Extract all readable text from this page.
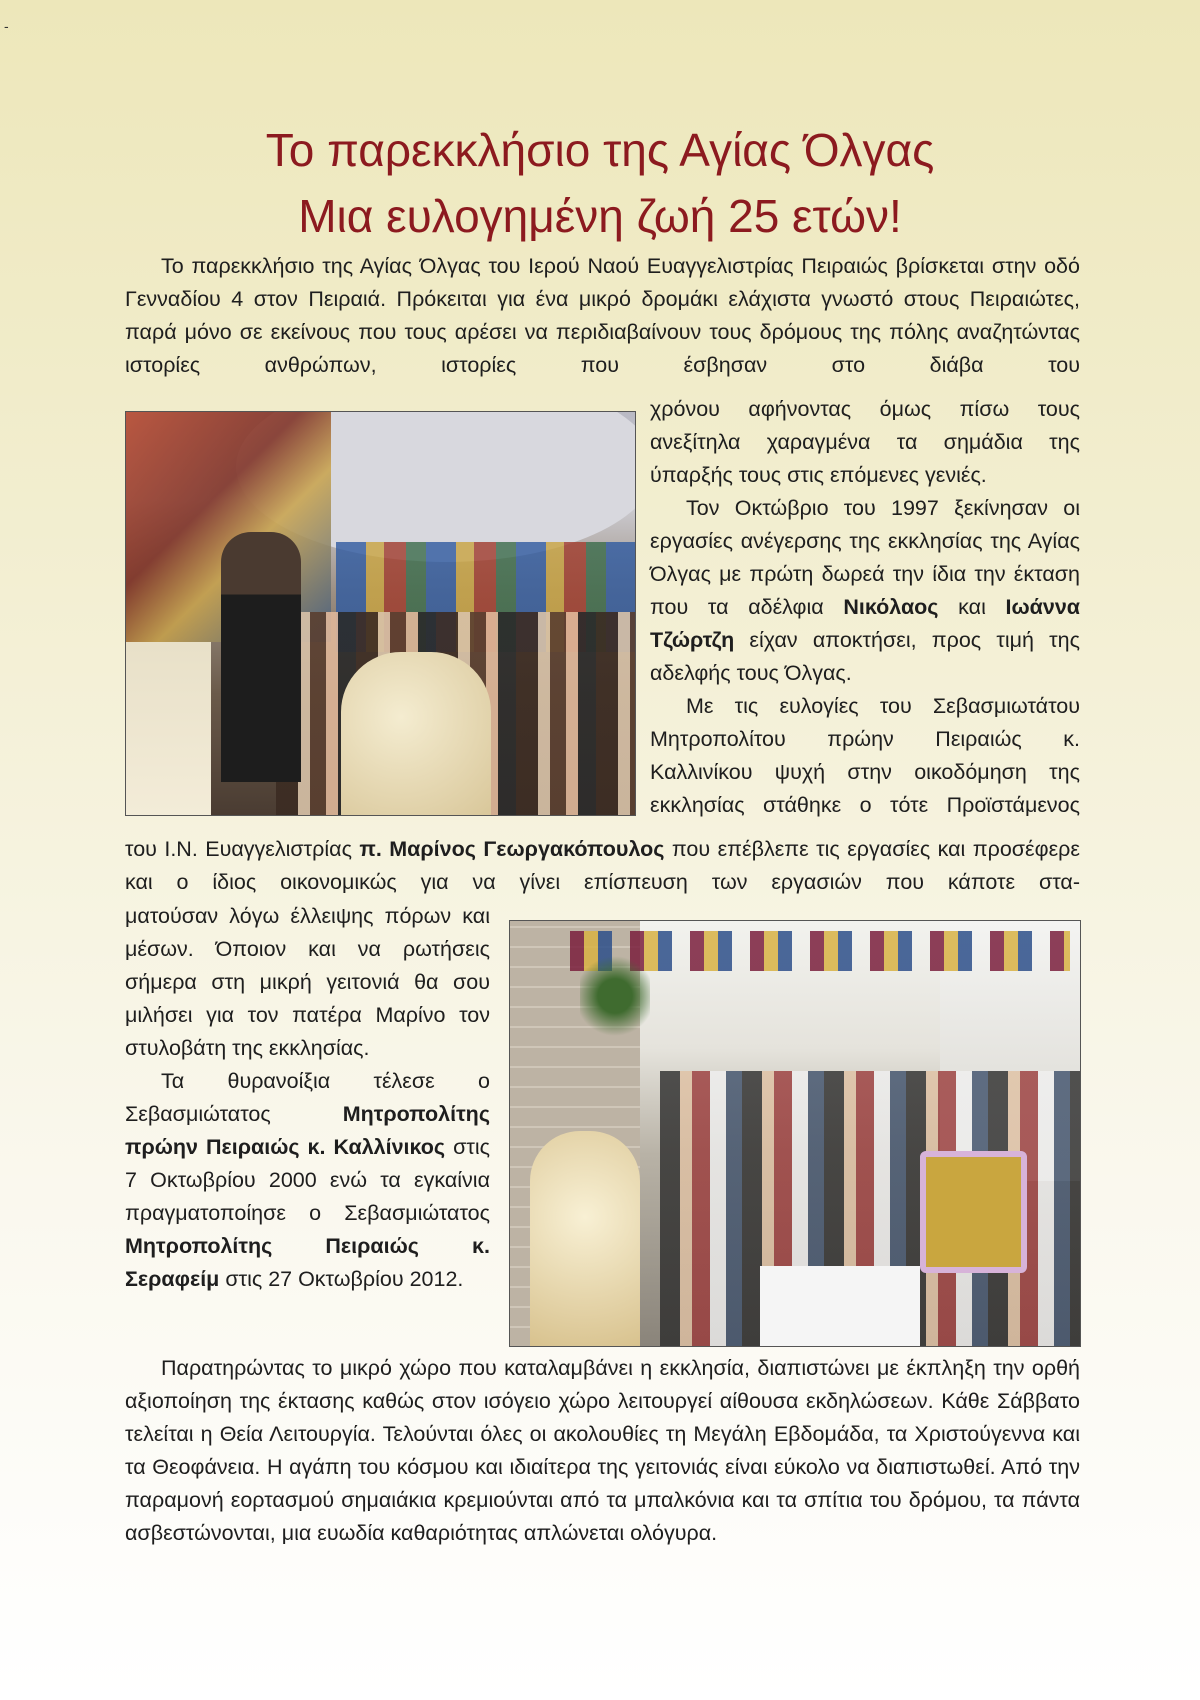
-
Το παρεκκλήσιο της Αγίας Όλγας
Μια ευλογημένη ζωή 25 ετών!

Το παρεκκλήσιο της Αγίας Όλγας του Ιερού Ναού Ευαγγελιστρίας Πειραιώς βρίσκεται στην οδό Γενναδίου 4 στον Πειραιά. Πρόκειται για ένα μικρό δρομάκι ελάχιστα γνωστό στους Πειραιώτες, παρά μόνο σε εκείνους που τους αρέσει να περιδιαβαίνουν τους δρόμους της πόλης αναζητώντας ιστορίες ανθρώπων, ιστορίες που έσβησαν στο διάβα του

χρόνου αφήνοντας όμως πίσω τους ανεξίτηλα χαραγμένα τα σημάδια της ύπαρξής τους στις επόμενες γενιές.

Τον Οκτώβριο του 1997 ξεκίνησαν οι εργασίες ανέγερσης της εκκλησίας της Αγίας Όλγας με πρώτη δωρεά την ίδια την έκταση που τα αδέλφια Νικόλαος και Ιωάννα Τζώρτζη είχαν αποκτήσει, προς τιμή της αδελφής τους Όλγας.

Με τις ευλογίες του Σεβασμιωτάτου Μητροπολίτου πρώην Πειραιώς κ. Καλλινίκου ψυχή στην οικοδόμηση της εκκλησίας στάθηκε ο τότε Προϊστάμενος

του Ι.Ν. Ευαγγελιστρίας π. Μαρίνος Γεωργακόπουλος που επέβλεπε τις εργασίες και προσέφερε και ο ίδιος οικονομικώς για να γίνει επίσπευση των εργασιών που κάποτε στα-

ματούσαν λόγω έλλειψης πόρων και μέσων. Όποιον και να ρωτήσεις σήμερα στη μικρή γειτονιά θα σου μιλήσει για τον πατέρα Μαρίνο τον στυλοβάτη της εκκλησίας.

Τα θυρανοίξια τέλεσε ο Σεβασμιώτατος Μητροπολίτης πρώην Πειραιώς κ. Καλλίνικος στις 7 Οκτωβρίου 2000 ενώ τα εγκαίνια πραγματοποίησε ο Σεβασμιώτατος Μητροπολίτης Πειραιώς κ. Σεραφείμ στις 27 Οκτωβρίου 2012.

Παρατηρώντας το μικρό χώρο που καταλαμβάνει η εκκλησία, διαπιστώνει με έκπληξη την ορθή αξιοποίηση της έκτασης καθώς στον ισόγειο χώρο λειτουργεί αίθουσα εκδηλώσεων. Κάθε Σάββατο τελείται η Θεία Λειτουργία. Τελούνται όλες οι ακολουθίες τη Μεγάλη Εβδομάδα, τα Χριστούγεννα και τα Θεοφάνεια. Η αγάπη του κόσμου και ιδιαίτερα της γειτονιάς είναι εύκολο να διαπιστωθεί. Από την παραμονή εορτασμού σημαιάκια κρεμιούνται από τα μπαλκόνια και τα σπίτια του δρόμου, τα πάντα ασβεστώνονται, μια ευωδία καθαριότητας απλώνεται ολόγυρα.
